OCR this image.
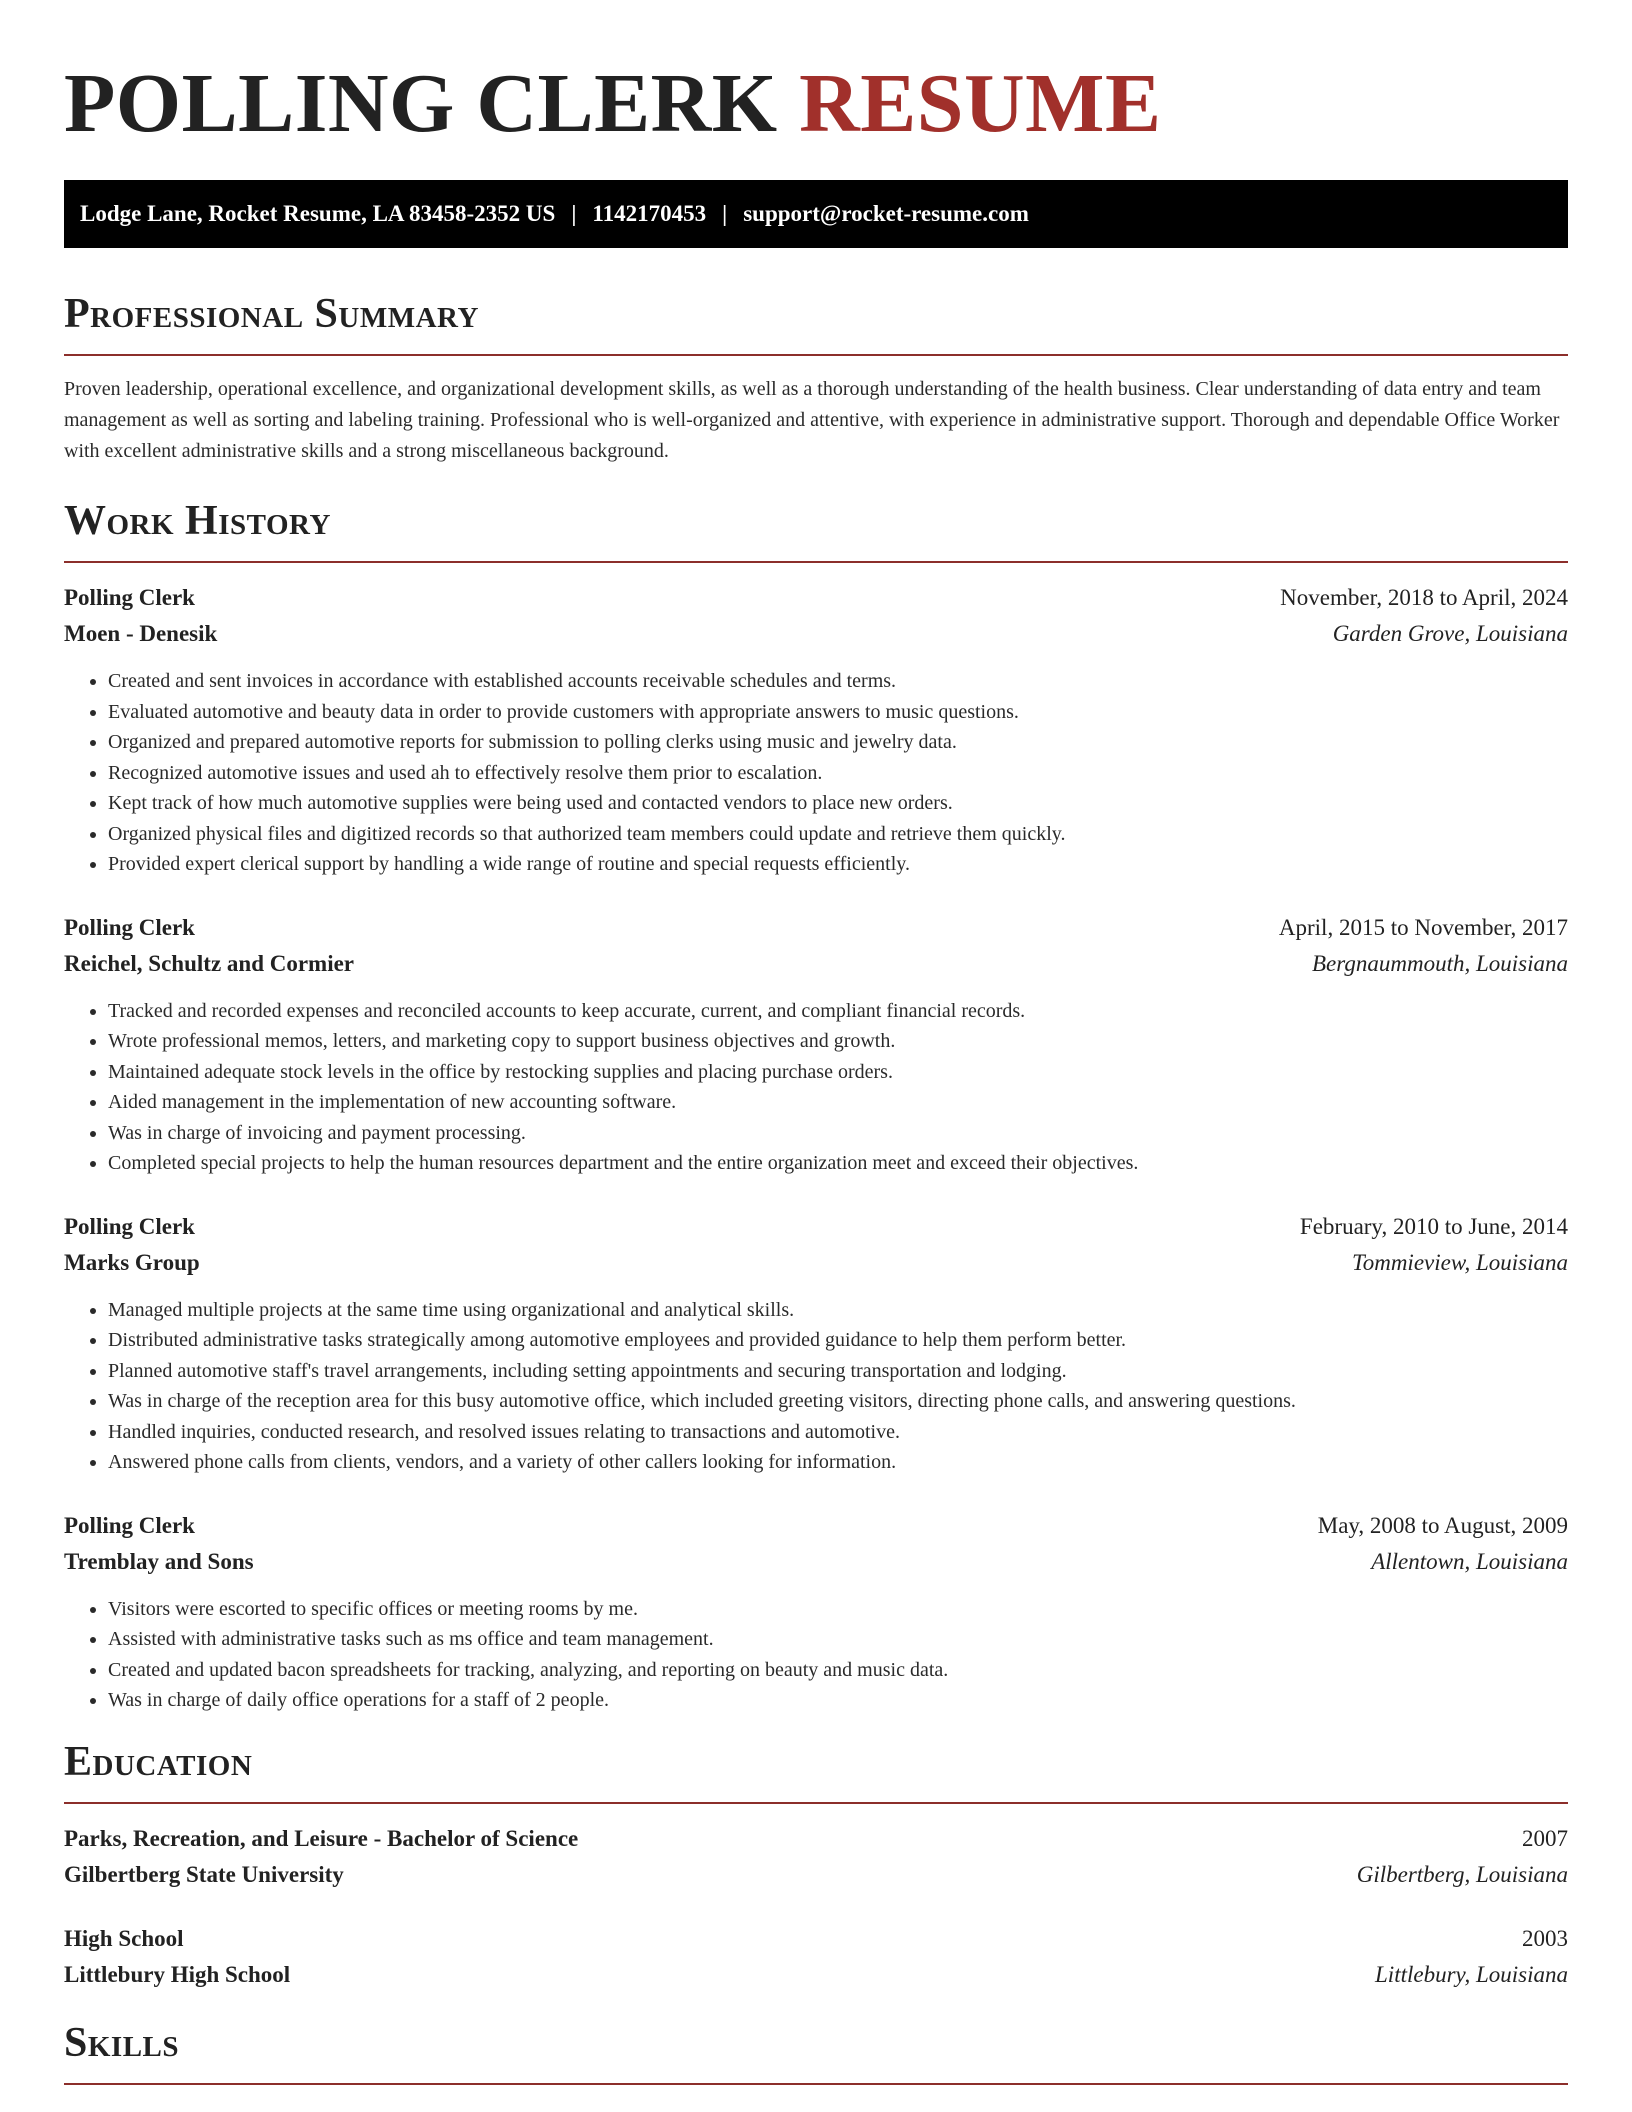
POLLING CLERK RESUME
Lodge Lane, Rocket Resume, LA 83458-2352 US | 1142170453 | support@rocket-resume.com
Professional Summary

Proven leadership, operational excellence, and organizational development skills, as well as a thorough understanding of the health business. Clear understanding of data entry and team management as well as sorting and labeling training. Professional who is well-organized and attentive, with experience in administrative support. Thorough and dependable Office Worker with excellent administrative skills and a strong miscellaneous background.

Work History
Polling Clerk	November, 2018 to April, 2024
Moen - Denesik	Garden Grove, Louisiana
• Created and sent invoices in accordance with established accounts receivable schedules and terms.
• Evaluated automotive and beauty data in order to provide customers with appropriate answers to music questions.
• Organized and prepared automotive reports for submission to polling clerks using music and jewelry data.
• Recognized automotive issues and used ah to effectively resolve them prior to escalation.
• Kept track of how much automotive supplies were being used and contacted vendors to place new orders.
• Organized physical files and digitized records so that authorized team members could update and retrieve them quickly.
• Provided expert clerical support by handling a wide range of routine and special requests efficiently.
Polling Clerk	April, 2015 to November, 2017
Reichel, Schultz and Cormier	Bergnaummouth, Louisiana
• Tracked and recorded expenses and reconciled accounts to keep accurate, current, and compliant financial records.
• Wrote professional memos, letters, and marketing copy to support business objectives and growth.
• Maintained adequate stock levels in the office by restocking supplies and placing purchase orders.
• Aided management in the implementation of new accounting software.
• Was in charge of invoicing and payment processing.
• Completed special projects to help the human resources department and the entire organization meet and exceed their objectives.
Polling Clerk	February, 2010 to June, 2014
Marks Group	Tommieview, Louisiana
• Managed multiple projects at the same time using organizational and analytical skills.
• Distributed administrative tasks strategically among automotive employees and provided guidance to help them perform better.
• Planned automotive staff's travel arrangements, including setting appointments and securing transportation and lodging.
• Was in charge of the reception area for this busy automotive office, which included greeting visitors, directing phone calls, and answering questions.
• Handled inquiries, conducted research, and resolved issues relating to transactions and automotive.
• Answered phone calls from clients, vendors, and a variety of other callers looking for information.
Polling Clerk	May, 2008 to August, 2009
Tremblay and Sons	Allentown, Louisiana
• Visitors were escorted to specific offices or meeting rooms by me.
• Assisted with administrative tasks such as ms office and team management.
• Created and updated bacon spreadsheets for tracking, analyzing, and reporting on beauty and music data.
• Was in charge of daily office operations for a staff of 2 people.
Education
Parks, Recreation, and Leisure - Bachelor of Science	2007
Gilbertberg State University	Gilbertberg, Louisiana
High School	2003
Littlebury High School	Littlebury, Louisiana
Skills
